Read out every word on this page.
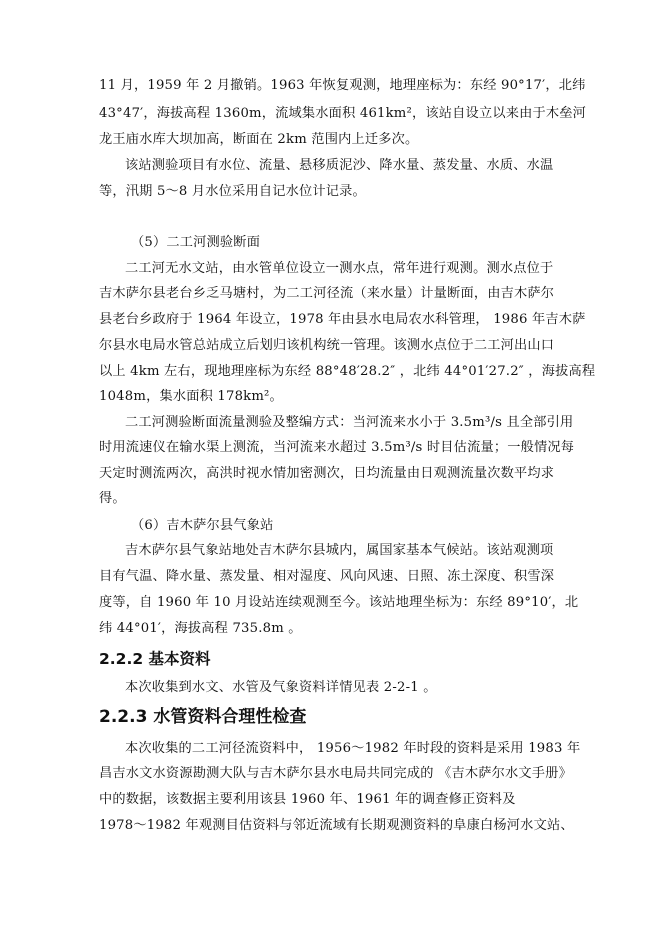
11 月，1959 年 2 月撤销。1963 年恢复观测，地理座标为：东经 90°17′，北纬
43°47′，海拔高程 1360m，流域集水面积 461km²，该站自设立以来由于木垒河
龙王庙水库大坝加高，断面在 2km 范围内上迁多次。
该站测验项目有水位、流量、悬移质泥沙、降水量、蒸发量、水质、水温
等，汛期 5～8 月水位采用自记水位计记录。
（5）二工河测验断面
二工河无水文站，由水管单位设立一测水点，常年进行观测。测水点位于
吉木萨尔县老台乡乏马塘村，为二工河径流（来水量）计量断面，由吉木萨尔
县老台乡政府于 1964 年设立，1978 年由县水电局农水科管理， 1986 年吉木萨
尔县水电局水管总站成立后划归该机构统一管理。该测水点位于二工河出山口
以上 4km 左右，现地理座标为东经 88°48′28.2″ ，北纬 44°01′27.2″ ，海拔高程
1048m，集水面积 178km²。
二工河测验断面流量测验及整编方式：当河流来水小于 3.5m³/s 且全部引用
时用流速仪在输水渠上测流，当河流来水超过 3.5m³/s 时目估流量；一般情况每
天定时测流两次，高洪时视水情加密测次，日均流量由日观测流量次数平均求
得。
（6）吉木萨尔县气象站
吉木萨尔县气象站地处吉木萨尔县城内，属国家基本气候站。该站观测项
目有气温、降水量、蒸发量、相对湿度、风向风速、日照、冻土深度、积雪深
度等，自 1960 年 10 月设站连续观测至今。该站地理坐标为：东经 89°10′，北
纬 44°01′，海拔高程 735.8m 。
2.2.2 基本资料
本次收集到水文、水管及气象资料详情见表 2-2-1 。
2.2.3 水管资料合理性检查
本次收集的二工河径流资料中， 1956～1982 年时段的资料是采用 1983 年
昌吉水文水资源勘测大队与吉木萨尔县水电局共同完成的 《吉木萨尔水文手册》
中的数据，该数据主要利用该县 1960 年、1961 年的调查修正资料及
1978～1982 年观测目估资料与邻近流域有长期观测资料的阜康白杨河水文站、
